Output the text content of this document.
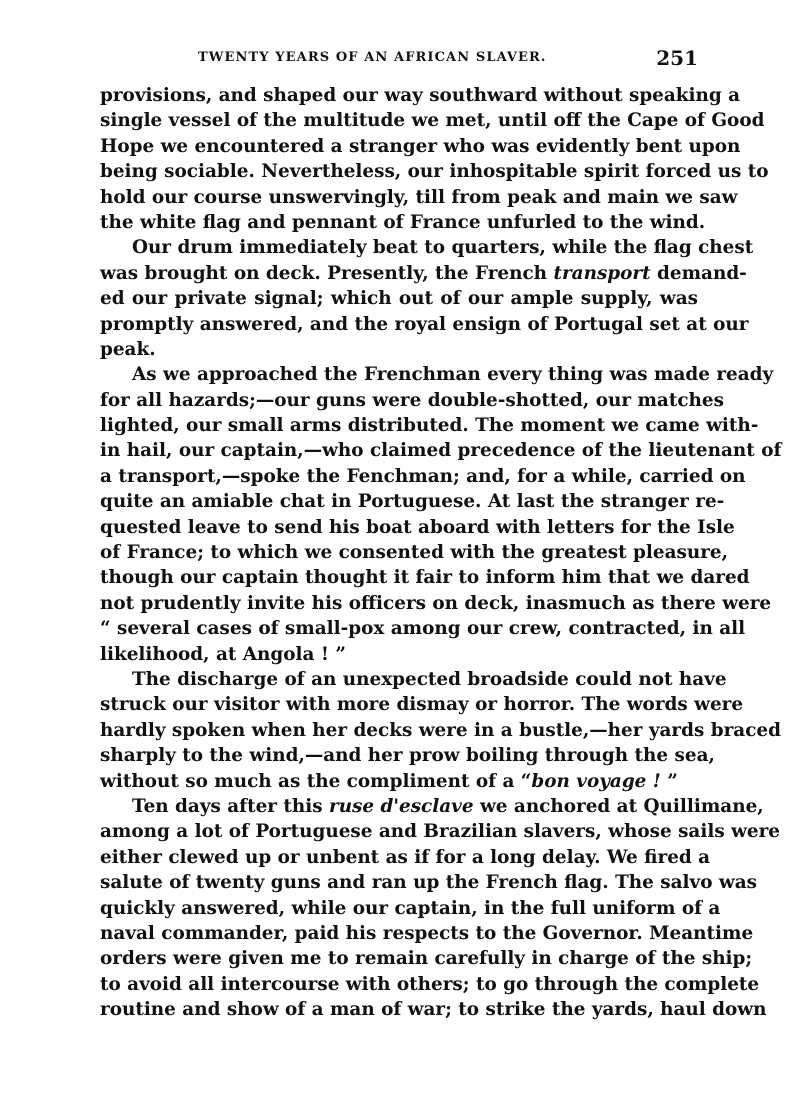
TWENTY YEARS OF AN AFRICAN SLAVER.	251
provisions, and shaped our way southward without speaking a
single vessel of the multitude we met, until off the Cape of Good
Hope we encountered a stranger who was evidently bent upon
being sociable. Nevertheless, our inhospitable spirit forced us to
hold our course unswervingly, till from peak and main we saw
the white flag and pennant of France unfurled to the wind.
Our drum immediately beat to quarters, while the flag chest
was brought on deck. Presently, the French transport demand-
ed our private signal; which out of our ample supply, was
promptly answered, and the royal ensign of Portugal set at our
peak.
As we approached the Frenchman every thing was made ready
for all hazards;—our guns were double-shotted, our matches
lighted, our small arms distributed. The moment we came with-
in hail, our captain,—who claimed precedence of the lieutenant of
a transport,—spoke the Fenchman; and, for a while, carried on
quite an amiable chat in Portuguese. At last the stranger re-
quested leave to send his boat aboard with letters for the Isle
of France; to which we consented with the greatest pleasure,
though our captain thought it fair to inform him that we dared
not prudently invite his officers on deck, inasmuch as there were
“ several cases of small-pox among our crew, contracted, in all
likelihood, at Angola ! ”
The discharge of an unexpected broadside could not have
struck our visitor with more dismay or horror. The words were
hardly spoken when her decks were in a bustle,—her yards braced
sharply to the wind,—and her prow boiling through the sea,
without so much as the compliment of a “bon voyage ! ”
Ten days after this ruse d'esclave we anchored at Quillimane,
among a lot of Portuguese and Brazilian slavers, whose sails were
either clewed up or unbent as if for a long delay. We fired a
salute of twenty guns and ran up the French flag. The salvo was
quickly answered, while our captain, in the full uniform of a
naval commander, paid his respects to the Governor. Meantime
orders were given me to remain carefully in charge of the ship;
to avoid all intercourse with others; to go through the complete
routine and show of a man of war; to strike the yards, haul down
